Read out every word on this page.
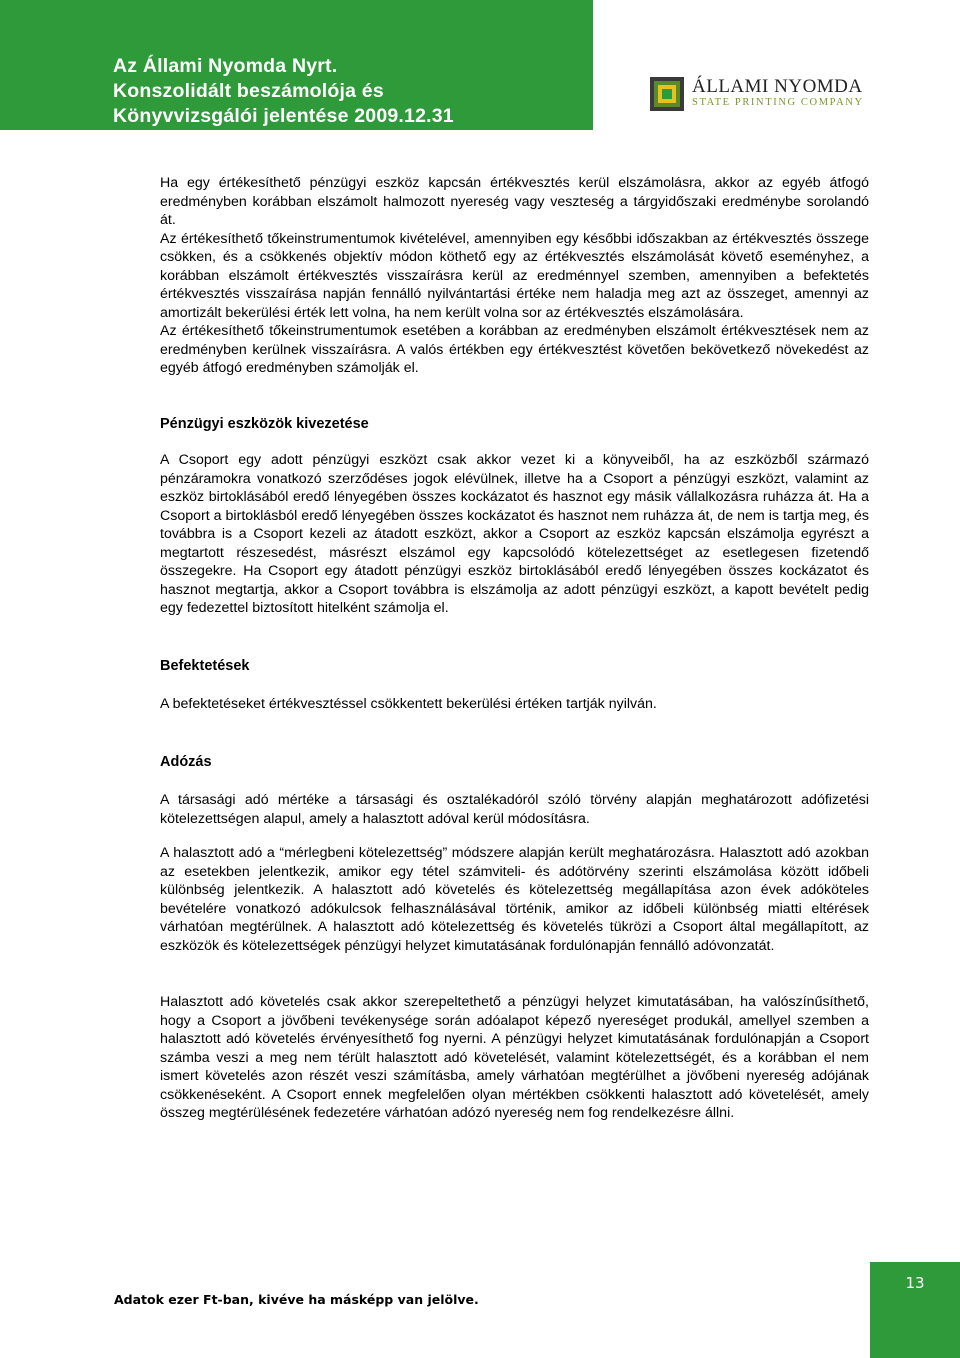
Az Állami Nyomda Nyrt.
Konszolidált beszámolója és
Könyvvizsgálói jelentése 2009.12.31
ÁLLAMI NYOMDA
STATE PRINTING COMPANY

Ha egy értékesíthető pénzügyi eszköz kapcsán értékvesztés kerül elszámolásra, akkor az egyéb átfogó eredményben korábban elszámolt halmozott nyereség vagy veszteség a tárgyidőszaki eredménybe sorolandó át.

Az értékesíthető tőkeinstrumentumok kivételével, amennyiben egy későbbi időszakban az értékvesztés összege csökken, és a csökkenés objektív módon köthető egy az értékvesztés elszámolását követő eseményhez, a korábban elszámolt értékvesztés visszaírásra kerül az eredménnyel szemben, amennyiben a befektetés értékvesztés visszaírása napján fennálló nyilvántartási értéke nem haladja meg azt az összeget, amennyi az amortizált bekerülési érték lett volna, ha nem került volna sor az értékvesztés elszámolására.

Az értékesíthető tőkeinstrumentumok esetében a korábban az eredményben elszámolt értékvesztések nem az eredményben kerülnek visszaírásra. A valós értékben egy értékvesztést követően bekövetkező növekedést az egyéb átfogó eredményben számolják el.

Pénzügyi eszközök kivezetése

A Csoport egy adott pénzügyi eszközt csak akkor vezet ki a könyveiből, ha az eszközből származó pénzáramokra vonatkozó szerződéses jogok elévülnek, illetve ha a Csoport a pénzügyi eszközt, valamint az eszköz birtoklásából eredő lényegében összes kockázatot és hasznot egy másik vállalkozásra ruházza át. Ha a Csoport a birtoklásból eredő lényegében összes kockázatot és hasznot nem ruházza át, de nem is tartja meg, és továbbra is a Csoport kezeli az átadott eszközt, akkor a Csoport az eszköz kapcsán elszámolja egyrészt a megtartott részesedést, másrészt elszámol egy kapcsolódó kötelezettséget az esetlegesen fizetendő összegekre. Ha Csoport egy átadott pénzügyi eszköz birtoklásából eredő lényegében összes kockázatot és hasznot megtartja, akkor a Csoport továbbra is elszámolja az adott pénzügyi eszközt, a kapott bevételt pedig egy fedezettel biztosított hitelként számolja el.

Befektetések

A befektetéseket értékvesztéssel csökkentett bekerülési értéken tartják nyilván.

Adózás

A társasági adó mértéke a társasági és osztalékadóról szóló törvény alapján meghatározott adófizetési kötelezettségen alapul, amely a halasztott adóval kerül módosításra.

A halasztott adó a “mérlegbeni kötelezettség” módszere alapján került meghatározásra. Halasztott adó azokban az esetekben jelentkezik, amikor egy tétel számviteli- és adótörvény szerinti elszámolása között időbeli különbség jelentkezik. A halasztott adó követelés és kötelezettség megállapítása azon évek adóköteles bevételére vonatkozó adókulcsok felhasználásával történik, amikor az időbeli különbség miatti eltérések várhatóan megtérülnek. A halasztott adó kötelezettség és követelés tükrözi a Csoport által megállapított, az eszközök és kötelezettségek pénzügyi helyzet kimutatásának fordulónapján fennálló adóvonzatát.

Halasztott adó követelés csak akkor szerepeltethető a pénzügyi helyzet kimutatásában, ha valószínűsíthető, hogy a Csoport a jövőbeni tevékenysége során adóalapot képező nyereséget produkál, amellyel szemben a halasztott adó követelés érvényesíthető fog nyerni. A pénzügyi helyzet kimutatásának fordulónapján a Csoport számba veszi a meg nem térült halasztott adó követelését, valamint kötelezettségét, és a korábban el nem ismert követelés azon részét veszi számításba, amely várhatóan megtérülhet a jövőbeni nyereség adójának csökkenéseként. A Csoport ennek megfelelően olyan mértékben csökkenti halasztott adó követelését, amely összeg megtérülésének fedezetére várhatóan adózó nyereség nem fog rendelkezésre állni.

Adatok ezer Ft-ban, kivéve ha másképp van jelölve.
13
